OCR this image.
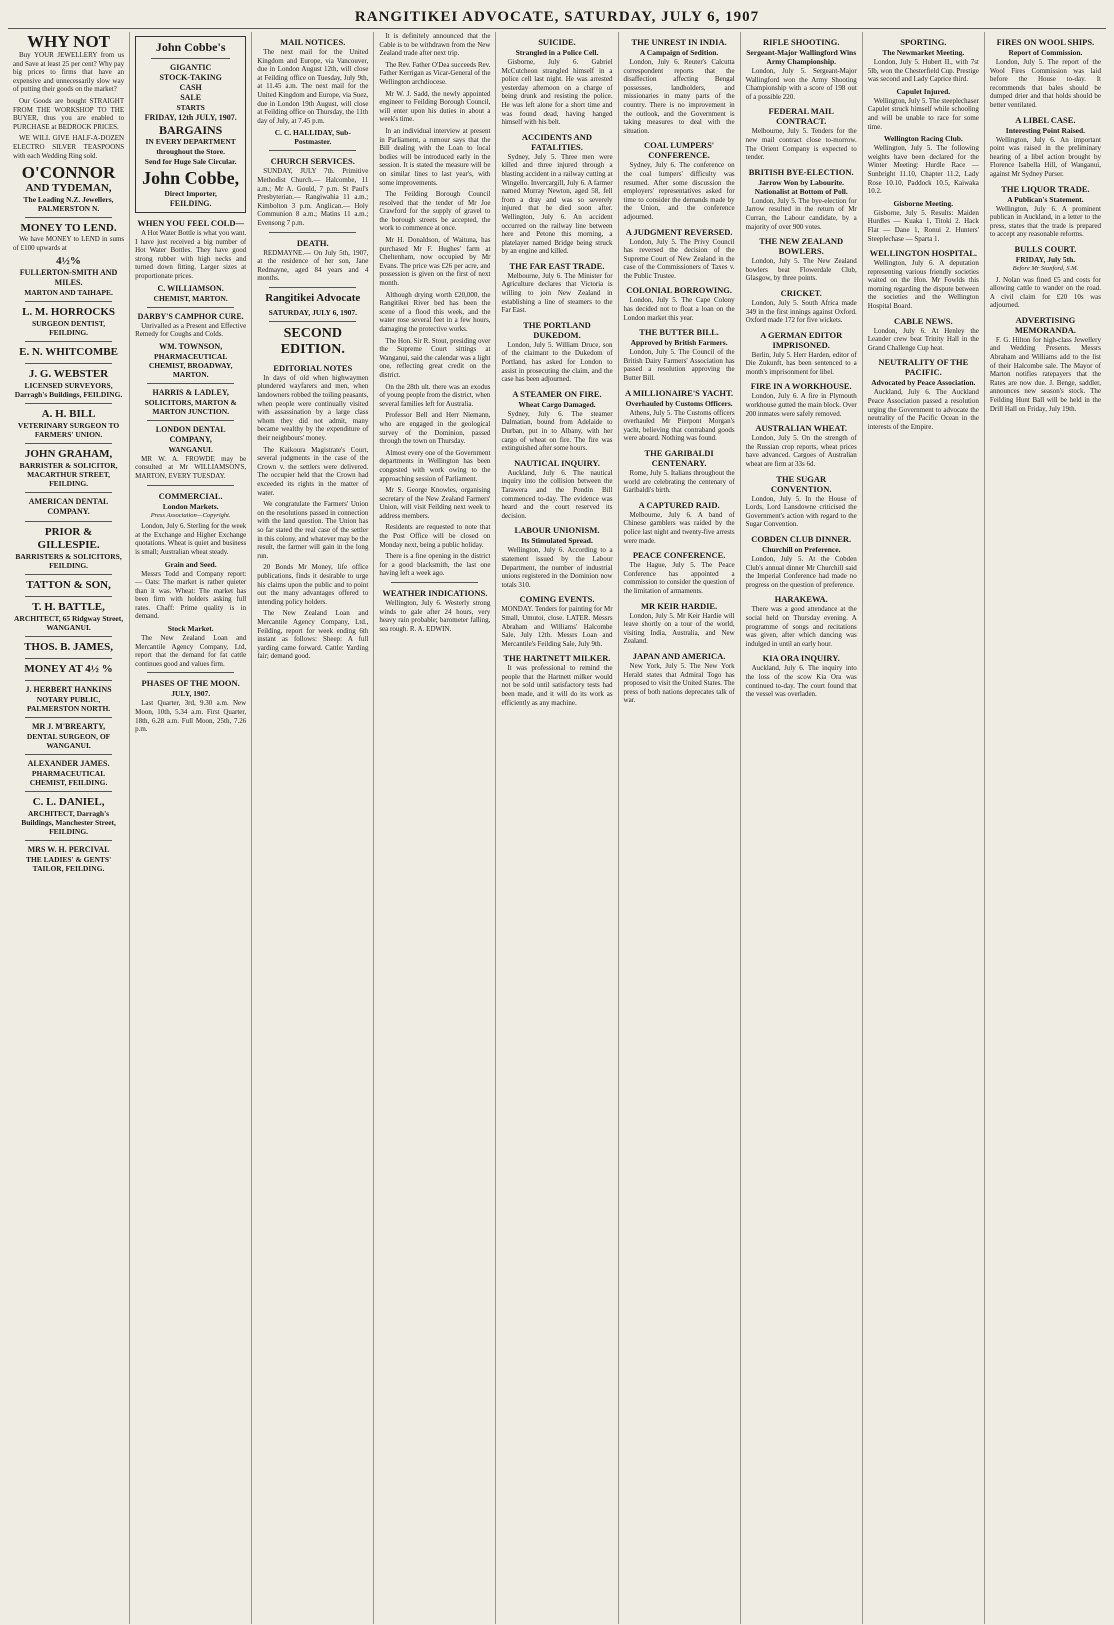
RANGITIKEI ADVOCATE, SATURDAY, JULY 6, 1907
WHY NOT

Buy YOUR JEWELLERY from us and Save at least 25 per cent? Why pay big prices to firms that have an expensive and unnecessarily slow way of putting their goods on the market?

Our Goods are bought STRAIGHT FROM THE WORKSHOP TO THE BUYER, thus you are enabled to PURCHASE at BEDROCK PRICES.

WE WILL GIVE HALF-A-DOZEN ELECTRO SILVER TEASPOONS with each Wedding Ring sold.

O'CONNOR
AND TYDEMAN,
The Leading N.Z. Jewellers, PALMERSTON N.
MONEY TO LEND.

We have MONEY to LEND in sums of £100 upwards at

4½%
FULLERTON-SMITH AND MILES.
MARTON AND TAIHAPE.
L. M. HORROCKS
SURGEON DENTIST, FEILDING.
E. N. WHITCOMBE
J. G. WEBSTER
LICENSED SURVEYORS, Darragh's Buildings, FEILDING.
A. H. BILL
VETERINARY SURGEON TO FARMERS' UNION.
JOHN GRAHAM,
BARRISTER & SOLICITOR, MACARTHUR STREET, FEILDING.
AMERICAN DENTAL COMPANY.
PRIOR & GILLESPIE.
BARRISTERS & SOLICITORS, FEILDING.
TATTON & SON,
T. H. BATTLE,
ARCHITECT, 65 Ridgway Street, WANGANUI.
THOS. B. JAMES,
MONEY AT 4½ %
J. HERBERT HANKINS
NOTARY PUBLIC, PALMERSTON NORTH.
MR J. M'BREARTY,
DENTAL SURGEON, OF WANGANUI.
ALEXANDER JAMES.
PHARMACEUTICAL CHEMIST, FEILDING.
C. L. DANIEL,
ARCHITECT, Darragh's Buildings, Manchester Street, FEILDING.
MRS W. H. PERCIVAL
THE LADIES' & GENTS' TAILOR, FEILDING.
John Cobbe's
GIGANTIC
STOCK-TAKING
CASH
SALE
STARTS
FRIDAY, 12th JULY, 1907.
BARGAINS
IN EVERY DEPARTMENT
throughout the Store.
Send for Huge Sale Circular.
John Cobbe,
Direct Importer,
FEILDING.
WHEN YOU FEEL COLD—

A Hot Water Bottle is what you want. I have just received a big number of Hot Water Bottles. They have good strong rubber with high necks and turned down fitting. Larger sizes at proportionate prices.

C. WILLIAMSON.
CHEMIST, MARTON.
DARBY'S CAMPHOR CURE.

Unrivalled as a Present and Effective Remedy for Coughs and Colds.

WM. TOWNSON,
PHARMACEUTICAL CHEMIST, BROADWAY, MARTON.
HARRIS & LADLEY,
SOLICITORS, MARTON & MARTON JUNCTION.
LONDON DENTAL COMPANY,
WANGANUI.

MR W. A. FROWDE may be consulted at Mr WILLIAMSON'S, MARTON, EVERY TUESDAY.

COMMERCIAL.
London Markets.
Press Association—Copyright.

London, July 6. Sterling for the week at the Exchange and Higher Exchange quotations. Wheat is quiet and business is small; Australian wheat steady.

Grain and Seed.

Messrs Todd and Company report: — Oats: The market is rather quieter than it was. Wheat: The market has been firm with holders asking full rates. Chaff: Prime quality is in demand.

Stock Market.

The New Zealand Loan and Mercantile Agency Company, Ltd, report that the demand for fat cattle continues good and values firm.

PHASES OF THE MOON.
JULY, 1907.

Last Quarter, 3rd, 9.30 a.m. New Moon, 10th, 5.34 a.m. First Quarter, 18th, 6.28 a.m. Full Moon, 25th, 7.26 p.m.

MAIL NOTICES.

The next mail for the United Kingdom and Europe, via Vancouver, due in London August 12th, will close at Feilding office on Tuesday, July 9th, at 11.45 a.m. The next mail for the United Kingdom and Europe, via Suez, due in London 19th August, will close at Feilding office on Thursday, the 11th day of July, at 7.45 p.m.

C. C. HALLIDAY, Sub-Postmaster.
CHURCH SERVICES.

SUNDAY, JULY 7th. Primitive Methodist Church.— Halcombe, 11 a.m.; Mr A. Gould, 7 p.m. St Paul's Presbyterian.— Rangiwahia 11 a.m.; Kimbolton 3 p.m. Anglican.— Holy Communion 8 a.m.; Matins 11 a.m.; Evensong 7 p.m.

DEATH.

REDMAYNE.— On July 5th, 1907, at the residence of her son, Jane Redmayne, aged 84 years and 4 months.

Rangitikei Advocate
SATURDAY, JULY 6, 1907.
SECOND EDITION.
EDITORIAL NOTES

In days of old when highwaymen plundered wayfarers and men, when landowners robbed the toiling peasants, when people were continually visited with assassination by a large class whom they did not admit, many became wealthy by the expenditure of their neighbours' money.

The Kaikoura Magistrate's Court, several judgments in the case of the Crown v. the settlers were delivered. The occupier held that the Crown had exceeded its rights in the matter of water.

We congratulate the Farmers' Union on the resolutions passed in connection with the land question. The Union has so far stated the real case of the settler in this colony, and whatever may be the result, the farmer will gain in the long run.

20 Bonds Mr Money, life office publications, finds it desirable to urge his claims upon the public and to point out the many advantages offered to intending policy holders.

The New Zealand Loan and Mercantile Agency Company, Ltd., Feilding, report for week ending 6th instant as follows: Sheep: A full yarding came forward. Cattle: Yarding fair; demand good.

It is definitely announced that the Cable is to be withdrawn from the New Zealand trade after next trip.

The Rev. Father O'Dea succeeds Rev. Father Kerrigan as Vicar-General of the Wellington archdiocese.

Mr W. J. Sadd, the newly appointed engineer to Feilding Borough Council, will enter upon his duties in about a week's time.

In an individual interview at present in Parliament, a rumour says that the Bill dealing with the Loan to local bodies will be introduced early in the session. It is stated the measure will be on similar lines to last year's, with some improvements.

The Feilding Borough Council resolved that the tender of Mr Joe Crawford for the supply of gravel to the borough streets be accepted, the work to commence at once.

Mr H. Donaldson, of Waituna, has purchased Mr F. Hughes' farm at Cheltenham, now occupied by Mr Evans. The price was £26 per acre, and possession is given on the first of next month.

Although drying worth £20,000, the Rangitikei River bed has been the scene of a flood this week, and the water rose several feet in a few hours, damaging the protective works.

The Hon. Sir R. Stout, presiding over the Supreme Court sittings at Wanganui, said the calendar was a light one, reflecting great credit on the district.

On the 28th ult. there was an exodus of young people from the district, when several families left for Australia.

Professor Bell and Herr Niemann, who are engaged in the geological survey of the Dominion, passed through the town on Thursday.

Almost every one of the Government departments in Wellington has been congested with work owing to the approaching session of Parliament.

Mr S. George Knowles, organising secretary of the New Zealand Farmers' Union, will visit Feilding next week to address members.

Residents are requested to note that the Post Office will be closed on Monday next, being a public holiday.

There is a fine opening in the district for a good blacksmith, the last one having left a week ago.

WEATHER INDICATIONS.

Wellington, July 6. Westerly strong winds to gale after 24 hours, very heavy rain probable; barometer falling, sea rough. R. A. EDWIN.

SUICIDE.
Strangled in a Police Cell.

Gisborne, July 6. Gabriel McCutcheon strangled himself in a police cell last night. He was arrested yesterday afternoon on a charge of being drunk and resisting the police. He was left alone for a short time and was found dead, having hanged himself with his belt.

ACCIDENTS AND FATALITIES.

Sydney, July 5. Three men were killed and three injured through a blasting accident in a railway cutting at Wingello. Invercargill, July 6. A farmer named Murray Newton, aged 58, fell from a dray and was so severely injured that he died soon after. Wellington, July 6. An accident occurred on the railway line between here and Petone this morning, a platelayer named Bridge being struck by an engine and killed.

THE FAR EAST TRADE.

Melbourne, July 6. The Minister for Agriculture declares that Victoria is willing to join New Zealand in establishing a line of steamers to the Far East.

THE PORTLAND DUKEDOM.

London, July 5. William Druce, son of the claimant to the Dukedom of Portland, has asked for London to assist in prosecuting the claim, and the case has been adjourned.

A STEAMER ON FIRE.
Wheat Cargo Damaged.

Sydney, July 6. The steamer Dalmatian, bound from Adelaide to Durban, put in to Albany, with her cargo of wheat on fire. The fire was extinguished after some hours.

NAUTICAL INQUIRY.

Auckland, July 6. The nautical inquiry into the collision between the Tarawera and the Pondin Bill commenced to-day. The evidence was heard and the court reserved its decision.

LABOUR UNIONISM.
Its Stimulated Spread.

Wellington, July 6. According to a statement issued by the Labour Department, the number of industrial unions registered in the Dominion now totals 310.

COMING EVENTS.

MONDAY. Tenders for painting for Mr Small, Umutoi, close. LATER. Messrs Abraham and Williams' Halcombe Sale, July 12th. Messrs Loan and Mercantile's Feilding Sale, July 9th.

THE HARTNETT MILKER.

It was professional to remind the people that the Hartnett milker would not be sold until satisfactory tests had been made, and it will do its work as efficiently as any machine.

THE UNREST IN INDIA.
A Campaign of Sedition.

London, July 6. Reuter's Calcutta correspondent reports that the disaffection affecting Bengal possesses, landholders, and missionaries in many parts of the country. There is no improvement in the outlook, and the Government is taking measures to deal with the situation.

COAL LUMPERS' CONFERENCE.

Sydney, July 6. The conference on the coal lumpers' difficulty was resumed. After some discussion the employers' representatives asked for time to consider the demands made by the Union, and the conference adjourned.

A JUDGMENT REVERSED.

London, July 5. The Privy Council has reversed the decision of the Supreme Court of New Zealand in the case of the Commissioners of Taxes v. the Public Trustee.

COLONIAL BORROWING.

London, July 5. The Cape Colony has decided not to float a loan on the London market this year.

THE BUTTER BILL.
Approved by British Farmers.

London, July 5. The Council of the British Dairy Farmers' Association has passed a resolution approving the Butter Bill.

A MILLIONAIRE'S YACHT.
Overhauled by Customs Officers.

Athens, July 5. The Customs officers overhauled Mr Pierpont Morgan's yacht, believing that contraband goods were aboard. Nothing was found.

THE GARIBALDI CENTENARY.

Rome, July 5. Italians throughout the world are celebrating the centenary of Garibaldi's birth.

A CAPTURED RAID.

Melbourne, July 6. A band of Chinese gamblers was raided by the police last night and twenty-five arrests were made.

PEACE CONFERENCE.

The Hague, July 5. The Peace Conference has appointed a commission to consider the question of the limitation of armaments.

MR KEIR HARDIE.

London, July 5. Mr Keir Hardie will leave shortly on a tour of the world, visiting India, Australia, and New Zealand.

JAPAN AND AMERICA.

New York, July 5. The New York Herald states that Admiral Togo has proposed to visit the United States. The press of both nations deprecates talk of war.

RIFLE SHOOTING.
Sergeant-Major Wallingford Wins Army Championship.

London, July 5. Sergeant-Major Wallingford won the Army Shooting Championship with a score of 198 out of a possible 220.

FEDERAL MAIL CONTRACT.

Melbourne, July 5. Tenders for the new mail contract close to-morrow. The Orient Company is expected to tender.

BRITISH BYE-ELECTION.
Jarrow Won by Labourite. Nationalist at Bottom of Poll.

London, July 5. The bye-election for Jarrow resulted in the return of Mr Curran, the Labour candidate, by a majority of over 900 votes.

THE NEW ZEALAND BOWLERS.

London, July 5. The New Zealand bowlers beat Flowerdale Club, Glasgow, by three points.

CRICKET.

London, July 5. South Africa made 349 in the first innings against Oxford. Oxford made 172 for five wickets.

A GERMAN EDITOR IMPRISONED.

Berlin, July 5. Herr Harden, editor of Die Zukunft, has been sentenced to a month's imprisonment for libel.

FIRE IN A WORKHOUSE.

London, July 6. A fire in Plymouth workhouse gutted the main block. Over 200 inmates were safely removed.

AUSTRALIAN WHEAT.

London, July 5. On the strength of the Russian crop reports, wheat prices have advanced. Cargoes of Australian wheat are firm at 33s 6d.

THE SUGAR CONVENTION.

London, July 5. In the House of Lords, Lord Lansdowne criticised the Government's action with regard to the Sugar Convention.

COBDEN CLUB DINNER.
Churchill on Preference.

London, July 5. At the Cobden Club's annual dinner Mr Churchill said the Imperial Conference had made no progress on the question of preference.

HARAKEWA.

There was a good attendance at the social held on Thursday evening. A programme of songs and recitations was given, after which dancing was indulged in until an early hour.

KIA ORA INQUIRY.

Auckland, July 6. The inquiry into the loss of the scow Kia Ora was continued to-day. The court found that the vessel was overladen.

SPORTING.
The Newmarket Meeting.

London, July 5. Hubert II., with 7st 5lb, won the Chesterfield Cup. Prestige was second and Lady Caprice third.

Capulet Injured.

Wellington, July 5. The steeplechaser Capulet struck himself while schooling and will be unable to race for some time.

Wellington Racing Club.

Wellington, July 5. The following weights have been declared for the Winter Meeting: Hurdle Race — Sunbright 11.10, Chapter 11.2, Lady Rose 10.10, Paddock 10.5, Kaiwaka 10.2.

Gisborne Meeting.

Gisborne, July 5. Results: Maiden Hurdles — Kuaka 1, Titoki 2. Hack Flat — Dane 1, Ronui 2. Hunters' Steeplechase — Sparta 1.

WELLINGTON HOSPITAL.

Wellington, July 6. A deputation representing various friendly societies waited on the Hon. Mr Fowlds this morning regarding the dispute between the societies and the Wellington Hospital Board.

CABLE NEWS.

London, July 6. At Henley the Leander crew beat Trinity Hall in the Grand Challenge Cup heat.

NEUTRALITY OF THE PACIFIC.
Advocated by Peace Association.

Auckland, July 6. The Auckland Peace Association passed a resolution urging the Government to advocate the neutrality of the Pacific Ocean in the interests of the Empire.

FIRES ON WOOL SHIPS.
Report of Commission.

London, July 5. The report of the Wool Fires Commission was laid before the House to-day. It recommends that bales should be dumped drier and that holds should be better ventilated.

A LIBEL CASE.
Interesting Point Raised.

Wellington, July 6. An important point was raised in the preliminary hearing of a libel action brought by Florence Isabella Hill, of Wanganui, against Mr Sydney Purser.

THE LIQUOR TRADE.
A Publican's Statement.

Wellington, July 6. A prominent publican in Auckland, in a letter to the press, states that the trade is prepared to accept any reasonable reforms.

BULLS COURT.
FRIDAY, July 5th.
Before Mr Stanford, S.M.

J. Nolan was fined £5 and costs for allowing cattle to wander on the road. A civil claim for £20 10s was adjourned.

ADVERTISING MEMORANDA.

F. G. Hilton for high-class Jewellery and Wedding Presents. Messrs Abraham and Williams add to the list of their Halcombe sale. The Mayor of Marton notifies ratepayers that the Rates are now due. J. Benge, saddler, announces new season's stock. The Feilding Hunt Ball will be held in the Drill Hall on Friday, July 19th.
